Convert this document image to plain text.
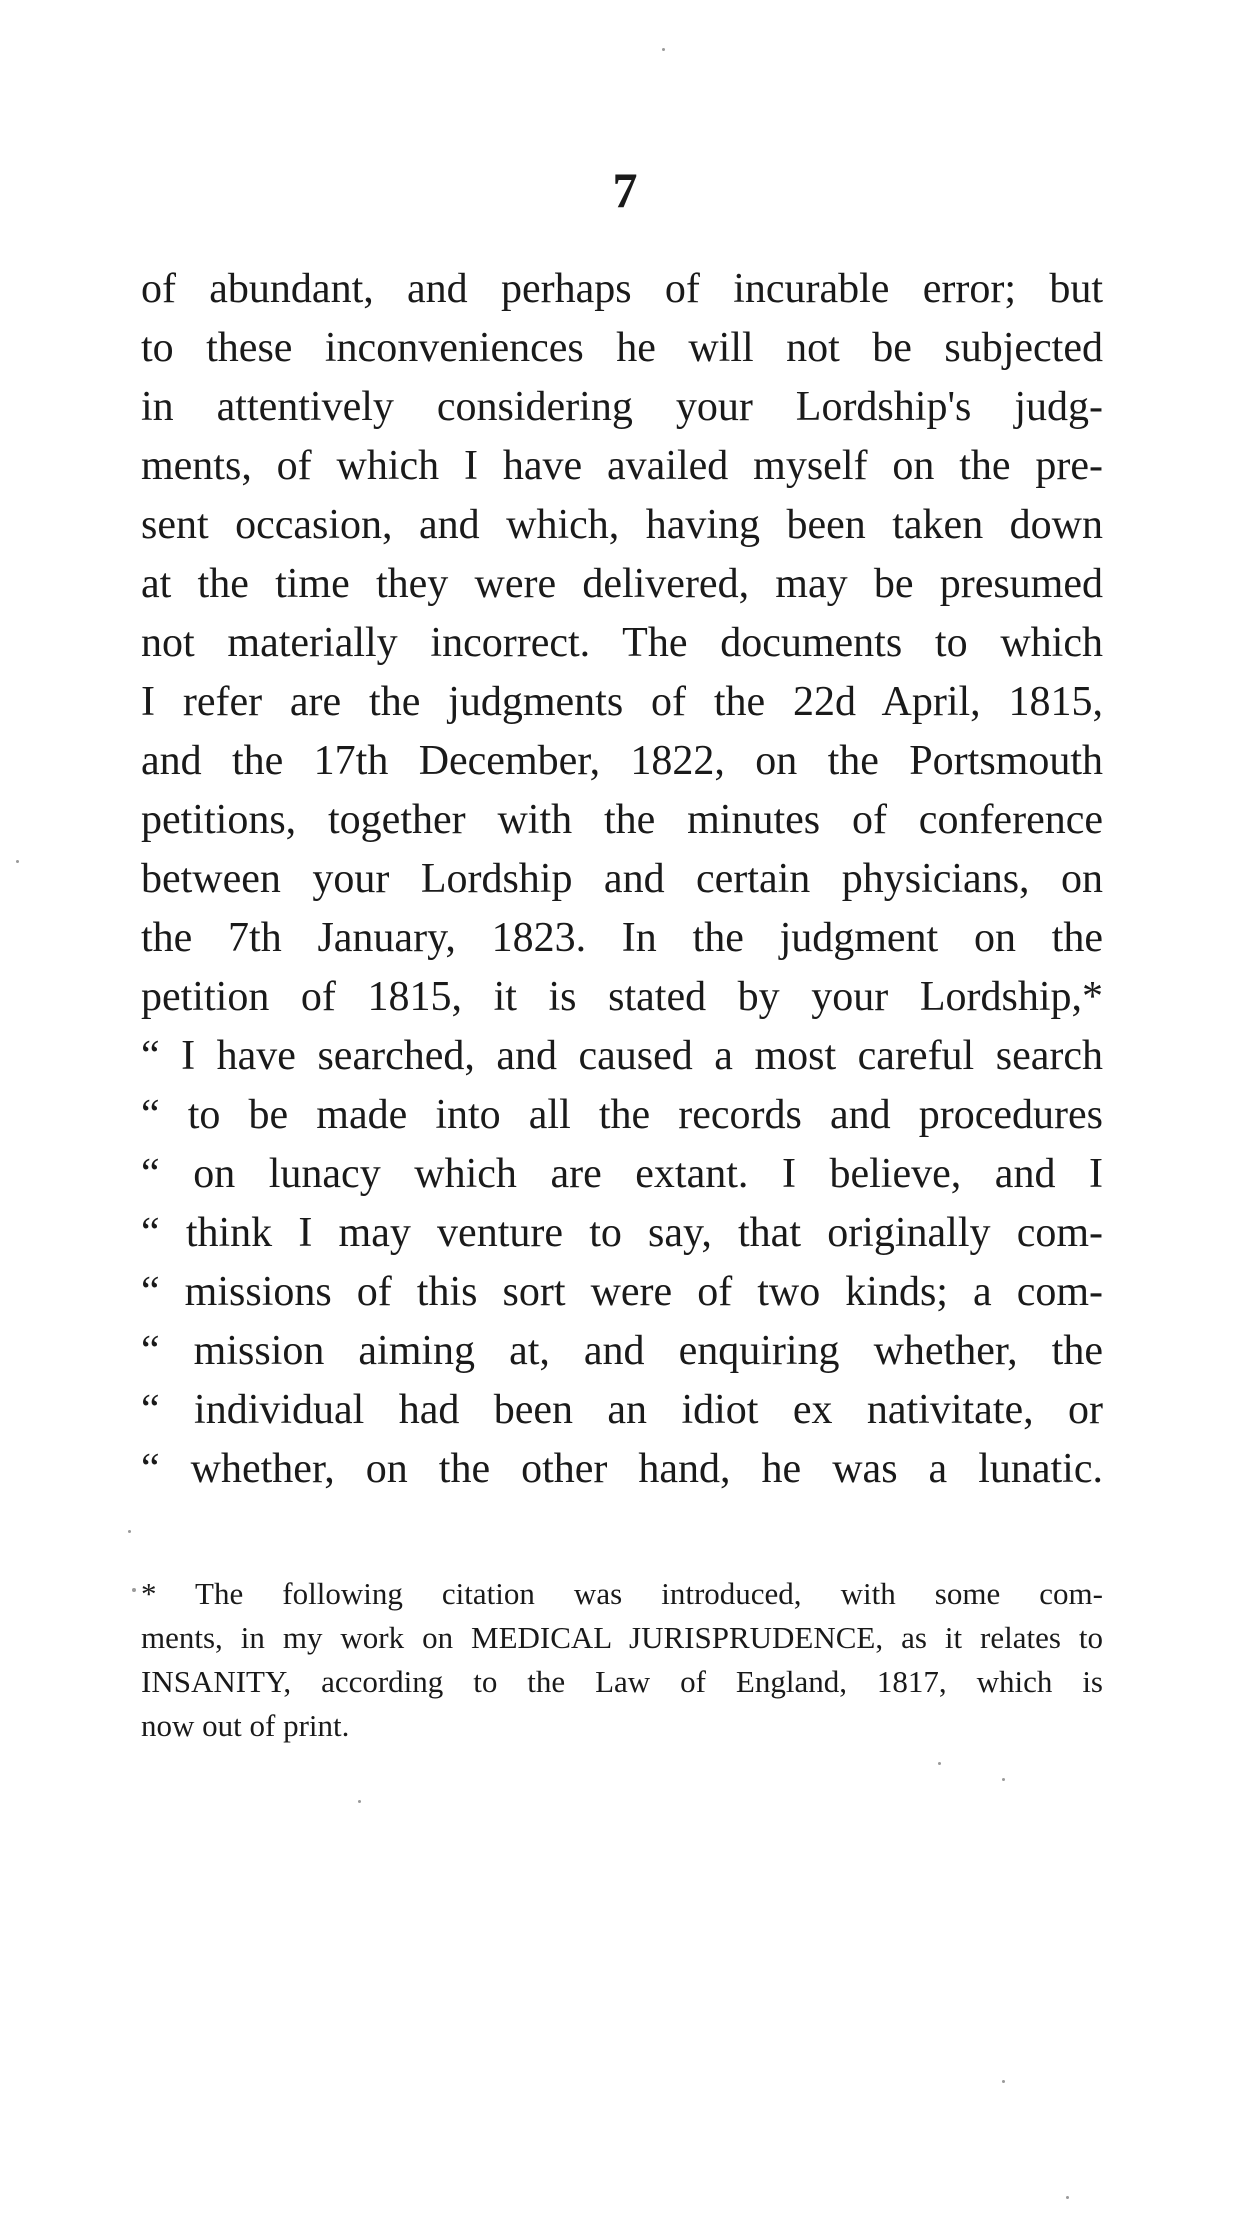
7
of abundant, and perhaps of incurable error; but
to these inconveniences he will not be subjected
in attentively considering your Lordship's judg-
ments, of which I have availed myself on the pre-
sent occasion, and which, having been taken down
at the time they were delivered, may be presumed
not materially incorrect. The documents to which
I refer are the judgments of the 22d April, 1815,
and the 17th December, 1822, on the Portsmouth
petitions, together with the minutes of conference
between your Lordship and certain physicians, on
the 7th January, 1823. In the judgment on the
petition of 1815, it is stated by your Lordship,*
“ I have searched, and caused a most careful search
“ to be made into all the records and procedures
“ on lunacy which are extant. I believe, and I
“ think I may venture to say, that originally com-
“ missions of this sort were of two kinds; a com-
“ mission aiming at, and enquiring whether, the
“ individual had been an idiot ex nativitate, or
“ whether, on the other hand, he was a lunatic.
* The following citation was introduced, with some com-
ments, in my work on MEDICAL JURISPRUDENCE, as it relates to
INSANITY, according to the Law of England, 1817, which is
now out of print.
